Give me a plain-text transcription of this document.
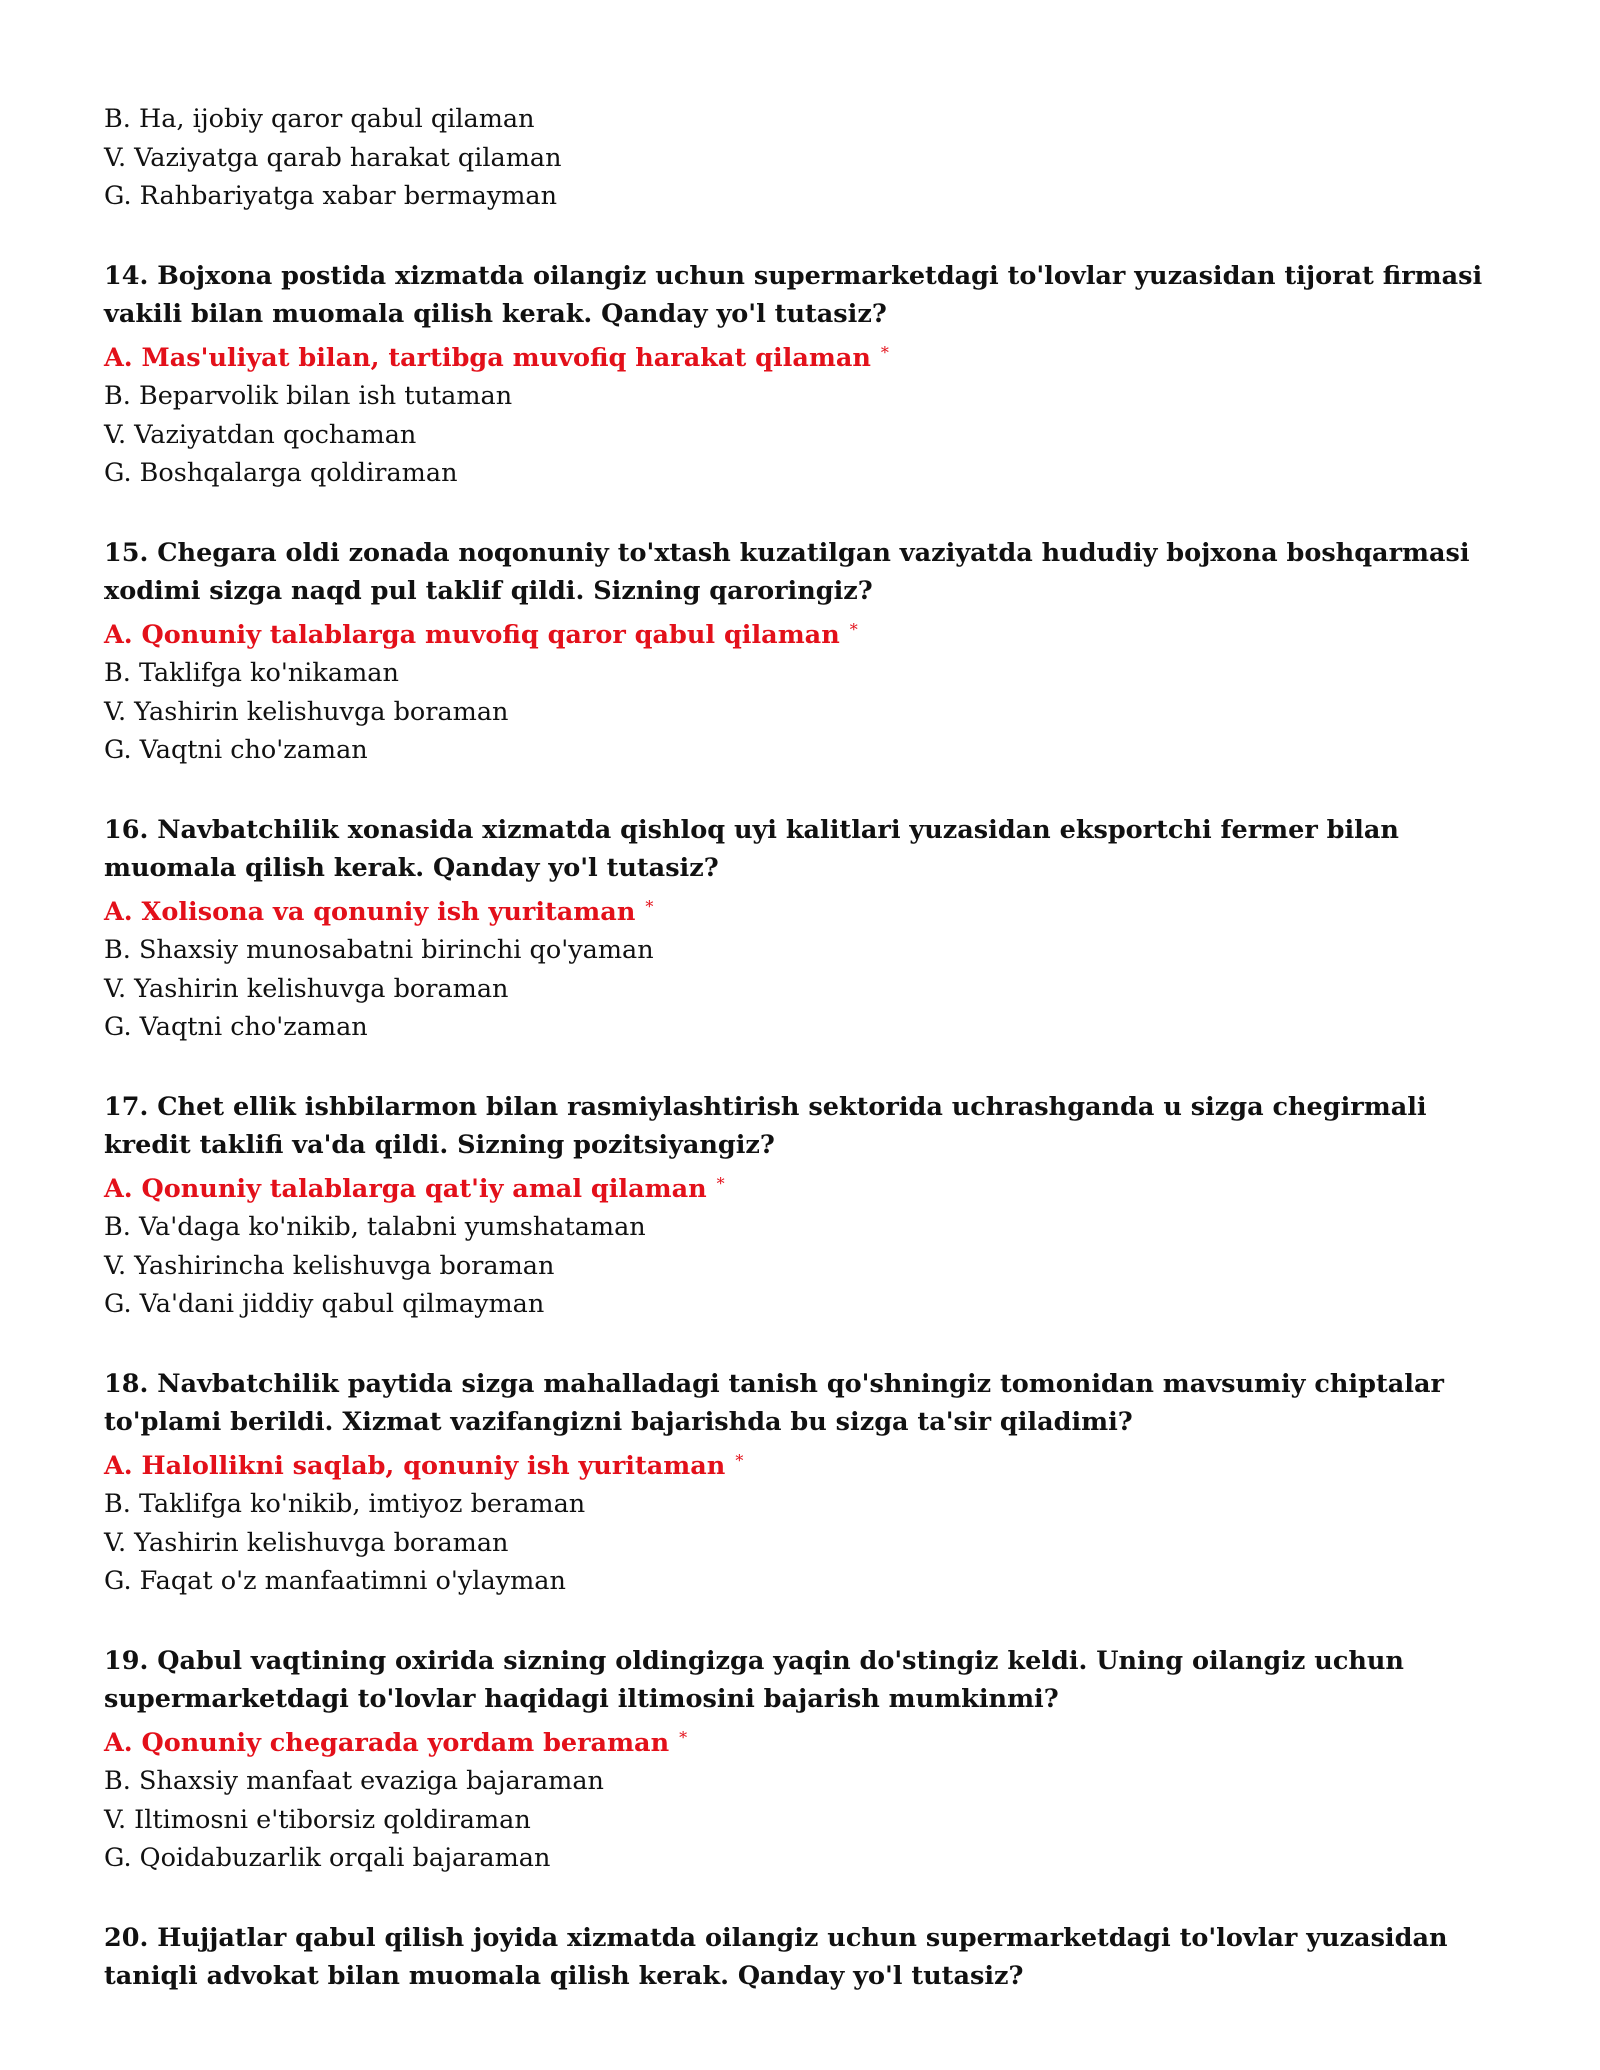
B. Ha, ijobiy qaror qabul qilaman

V. Vaziyatga qarab harakat qilaman

G. Rahbariyatga xabar bermayman

14. Bojxona postida xizmatda oilangiz uchun supermarketdagi to'lovlar yuzasidan tijorat firmasi vakili bilan muomala qilish kerak. Qanday yo'l tutasiz?

A. Mas'uliyat bilan, tartibga muvofiq harakat qilaman *

B. Beparvolik bilan ish tutaman

V. Vaziyatdan qochaman

G. Boshqalarga qoldiraman

15. Chegara oldi zonada noqonuniy to'xtash kuzatilgan vaziyatda hududiy bojxona boshqarmasi xodimi sizga naqd pul taklif qildi. Sizning qaroringiz?

A. Qonuniy talablarga muvofiq qaror qabul qilaman *

B. Taklifga ko'nikaman

V. Yashirin kelishuvga boraman

G. Vaqtni cho'zaman

16. Navbatchilik xonasida xizmatda qishloq uyi kalitlari yuzasidan eksportchi fermer bilan muomala qilish kerak. Qanday yo'l tutasiz?

A. Xolisona va qonuniy ish yuritaman *

B. Shaxsiy munosabatni birinchi qo'yaman

V. Yashirin kelishuvga boraman

G. Vaqtni cho'zaman

17. Chet ellik ishbilarmon bilan rasmiylashtirish sektorida uchrashganda u sizga chegirmali kredit taklifi va'da qildi. Sizning pozitsiyangiz?

A. Qonuniy talablarga qat'iy amal qilaman *

B. Va'daga ko'nikib, talabni yumshataman

V. Yashirincha kelishuvga boraman

G. Va'dani jiddiy qabul qilmayman

18. Navbatchilik paytida sizga mahalladagi tanish qo'shningiz tomonidan mavsumiy chiptalar to'plami berildi. Xizmat vazifangizni bajarishda bu sizga ta'sir qiladimi?

A. Halollikni saqlab, qonuniy ish yuritaman *

B. Taklifga ko'nikib, imtiyoz beraman

V. Yashirin kelishuvga boraman

G. Faqat o'z manfaatimni o'ylayman

19. Qabul vaqtining oxirida sizning oldingizga yaqin do'stingiz keldi. Uning oilangiz uchun supermarketdagi to'lovlar haqidagi iltimosini bajarish mumkinmi?

A. Qonuniy chegarada yordam beraman *

B. Shaxsiy manfaat evaziga bajaraman

V. Iltimosni e'tiborsiz qoldiraman

G. Qoidabuzarlik orqali bajaraman

20. Hujjatlar qabul qilish joyida xizmatda oilangiz uchun supermarketdagi to'lovlar yuzasidan taniqli advokat bilan muomala qilish kerak. Qanday yo'l tutasiz?
